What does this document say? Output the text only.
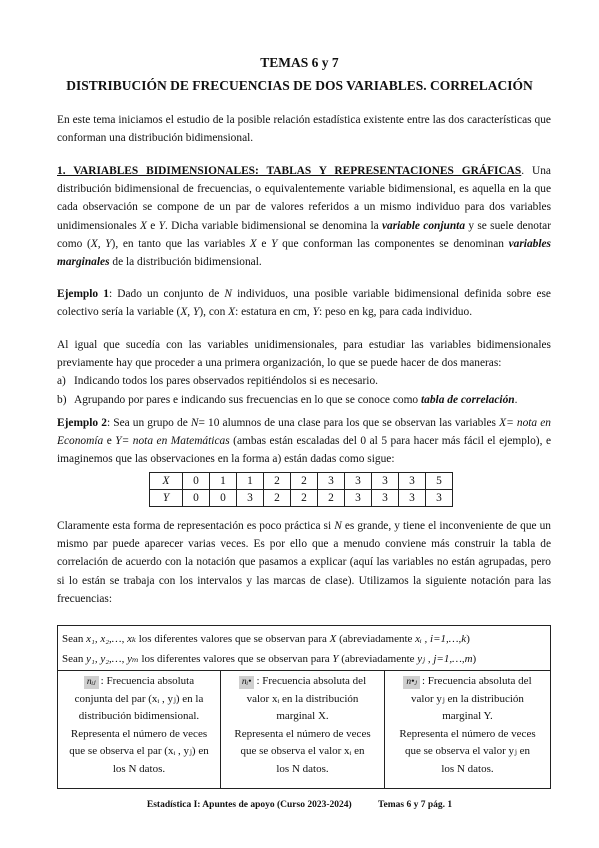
TEMAS 6 y 7
DISTRIBUCIÓN DE FRECUENCIAS DE DOS VARIABLES. CORRELACIÓN

En este tema iniciamos el estudio de la posible relación estadística existente entre las dos características que conforman una distribución bidimensional.

1. VARIABLES BIDIMENSIONALES: TABLAS Y REPRESENTACIONES GRÁFICAS. Una distribución bidimensional de frecuencias, o equivalentemente variable bidimensional, es aquella en la que cada observación se compone de un par de valores referidos a un mismo individuo para dos variables unidimensionales X e Y. Dicha variable bidimensional se denomina la variable conjunta y se suele denotar como (X, Y), en tanto que las variables X e Y que conforman las componentes se denominan variables marginales de la distribución bidimensional.

Ejemplo 1: Dado un conjunto de N individuos, una posible variable bidimensional definida sobre ese colectivo sería la variable (X, Y), con X: estatura en cm, Y: peso en kg, para cada individuo.

Al igual que sucedía con las variables unidimensionales, para estudiar las variables bidimensionales previamente hay que proceder a una primera organización, lo que se puede hacer de dos maneras:

a) Indicando todos los pares observados repitiéndolos si es necesario.
b) Agrupando por pares e indicando sus frecuencias en lo que se conoce como tabla de correlación.

Ejemplo 2: Sea un grupo de N= 10 alumnos de una clase para los que se observan las variables X= nota en Economía e Y= nota en Matemáticas (ambas están escaladas del 0 al 5 para hacer más fácil el ejemplo), e imaginemos que las observaciones en la forma a) están dadas como sigue:

X	0	1	1	2	2	3	3	3	3	5
Y	0	0	3	2	2	2	3	3	3	3

Claramente esta forma de representación es poco práctica si N es grande, y tiene el inconveniente de que un mismo par puede aparecer varias veces. Es por ello que a menudo conviene más construir la tabla de correlación de acuerdo con la notación que pasamos a explicar (aquí las variables no están agrupadas, pero si lo están se trabaja con los intervalos y las marcas de clase). Utilizamos la siguiente notación para las frecuencias:

Sean x₁, x₂,…, xₖ los diferentes valores que se observan para X (abreviadamente xᵢ , i=1,…,k)
Sean y₁, y₂,…, yₘ los diferentes valores que se observan para Y (abreviadamente yⱼ , j=1,…,m)
nᵢⱼ : Frecuencia absoluta
conjunta del par (xᵢ , yⱼ) en la
distribución bidimensional.
Representa el número de veces
que se observa el par (xᵢ , yⱼ) en
los N datos.
nᵢ• : Frecuencia absoluta del
valor xᵢ en la distribución
marginal X.
Representa el número de veces
que se observa el valor xᵢ en
los N datos.
n•ⱼ : Frecuencia absoluta del
valor yⱼ en la distribución
marginal Y.
Representa el número de veces
que se observa el valor yⱼ en
los N datos.
Estadística I: Apuntes de apoyo (Curso 2023-2024)	Temas 6 y 7 pág. 1
